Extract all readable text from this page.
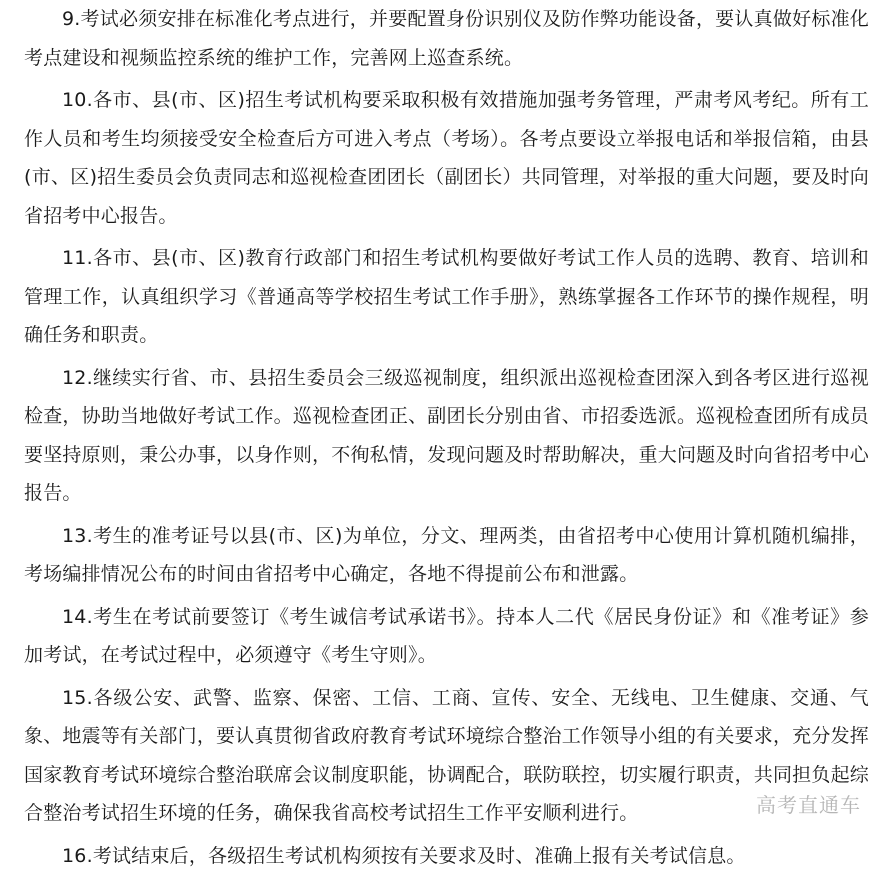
9.考试必须安排在标准化考点进行，并要配置身份识别仪及防作弊功能设备，要认真做好标准化考点建设和视频监控系统的维护工作，完善网上巡查系统。

10.各市、县(市、区)招生考试机构要采取积极有效措施加强考务管理，严肃考风考纪。所有工作人员和考生均须接受安全检查后方可进入考点（考场）。各考点要设立举报电话和举报信箱，由县(市、区)招生委员会负责同志和巡视检查团团长（副团长）共同管理，对举报的重大问题，要及时向省招考中心报告。

11.各市、县(市、区)教育行政部门和招生考试机构要做好考试工作人员的选聘、教育、培训和管理工作，认真组织学习《普通高等学校招生考试工作手册》，熟练掌握各工作环节的操作规程，明确任务和职责。

12.继续实行省、市、县招生委员会三级巡视制度，组织派出巡视检查团深入到各考区进行巡视检查，协助当地做好考试工作。巡视检查团正、副团长分别由省、市招委选派。巡视检查团所有成员要坚持原则，秉公办事，以身作则，不徇私情，发现问题及时帮助解决，重大问题及时向省招考中心报告。

13.考生的准考证号以县(市、区)为单位，分文、理两类，由省招考中心使用计算机随机编排，考场编排情况公布的时间由省招考中心确定，各地不得提前公布和泄露。

14.考生在考试前要签订《考生诚信考试承诺书》。持本人二代《居民身份证》和《准考证》参加考试，在考试过程中，必须遵守《考生守则》。

15.各级公安、武警、监察、保密、工信、工商、宣传、安全、无线电、卫生健康、交通、气象、地震等有关部门，要认真贯彻省政府教育考试环境综合整治工作领导小组的有关要求，充分发挥国家教育考试环境综合整治联席会议制度职能，协调配合，联防联控，切实履行职责，共同担负起综合整治考试招生环境的任务，确保我省高校考试招生工作平安顺利进行。

16.考试结束后，各级招生考试机构须按有关要求及时、准确上报有关考试信息。

高考直通车
